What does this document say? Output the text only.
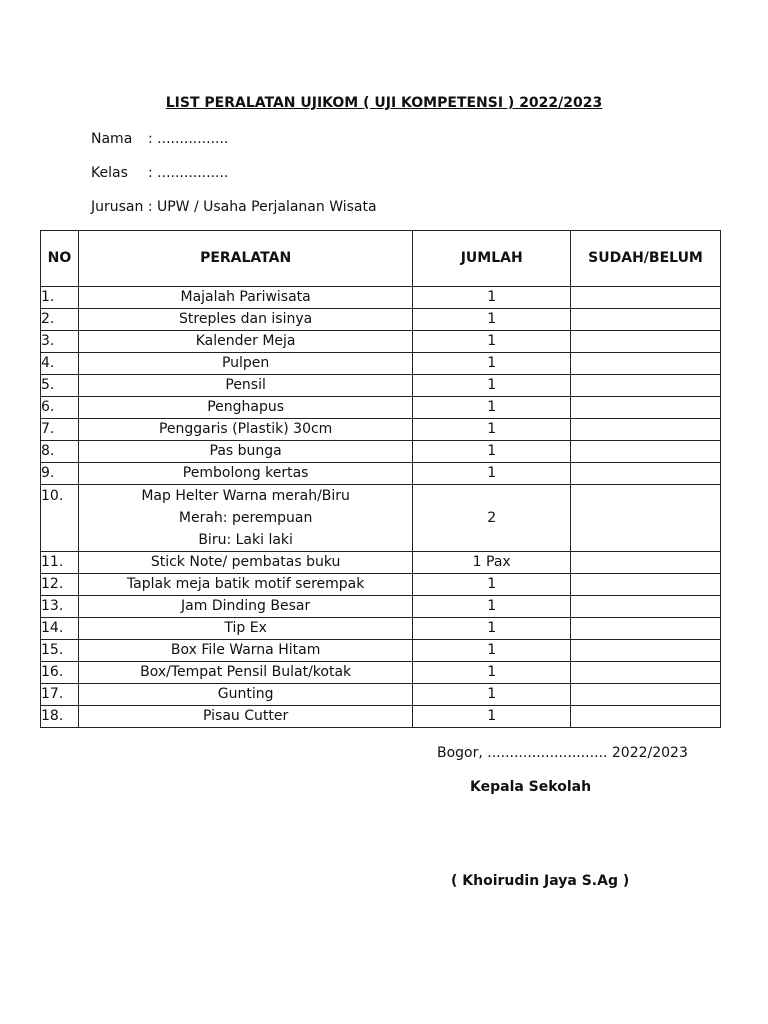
LIST PERALATAN UJIKOM ( UJI KOMPETENSI ) 2022/2023
Nama : ................
Kelas : ................
Jurusan : UPW / Usaha Perjalanan Wisata
NO	PERALATAN	JUMLAH	SUDAH/BELUM
1.	Majalah Pariwisata	1	
2.	Streples dan isinya	1	
3.	Kalender Meja	1	
4.	Pulpen	1	
5.	Pensil	1	
6.	Penghapus	1	
7.	Penggaris (Plastik) 30cm	1	
8.	Pas bunga	1	
9.	Pembolong kertas	1	
10.	Map Helter Warna merah/Biru
Merah: perempuan
Biru: Laki laki	2	
11.	Stick Note/ pembatas buku	1 Pax	
12.	Taplak meja batik motif serempak	1	
13.	Jam Dinding Besar	1	
14.	Tip Ex	1	
15.	Box File Warna Hitam	1	
16.	Box/Tempat Pensil Bulat/kotak	1	
17.	Gunting	1	
18.	Pisau Cutter	1	
Bogor, ........................... 2022/2023
Kepala Sekolah
( Khoirudin Jaya S.Ag )
